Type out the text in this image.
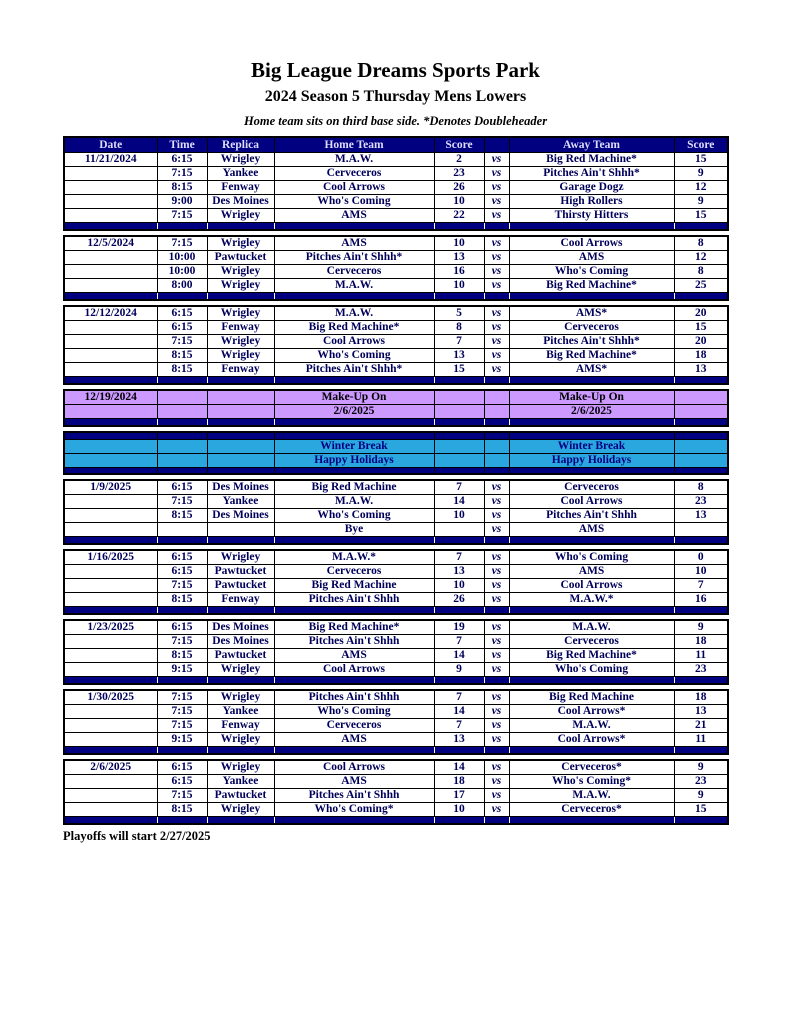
Big League Dreams Sports Park
2024 Season 5 Thursday Mens Lowers
Home team sits on third base side. *Denotes Doubleheader
Date	Time	Replica	Home Team	Score		Away Team	Score
11/21/2024	6:15	Wrigley	M.A.W.	2	vs	Big Red Machine*	15
	7:15	Yankee	Cerveceros	23	vs	Pitches Ain't Shhh*	9
	8:15	Fenway	Cool Arrows	26	vs	Garage Dogz	12
	9:00	Des Moines	Who's Coming	10	vs	High Rollers	9
	7:15	Wrigley	AMS	22	vs	Thirsty Hitters	15

12/5/2024	7:15	Wrigley	AMS	10	vs	Cool Arrows	8
	10:00	Pawtucket	Pitches Ain't Shhh*	13	vs	AMS	12
	10:00	Wrigley	Cerveceros	16	vs	Who's Coming	8
	8:00	Wrigley	M.A.W.	10	vs	Big Red Machine*	25

12/12/2024	6:15	Wrigley	M.A.W.	5	vs	AMS*	20
	6:15	Fenway	Big Red Machine*	8	vs	Cerveceros	15
	7:15	Wrigley	Cool Arrows	7	vs	Pitches Ain't Shhh*	20
	8:15	Wrigley	Who's Coming	13	vs	Big Red Machine*	18
	8:15	Fenway	Pitches Ain't Shhh*	15	vs	AMS*	13

12/19/2024			Make-Up On			Make-Up On	
			2/6/2025			2/6/2025	

			Winter Break			Winter Break	
			Happy Holidays			Happy Holidays	

1/9/2025	6:15	Des Moines	Big Red Machine	7	vs	Cerveceros	8
	7:15	Yankee	M.A.W.	14	vs	Cool Arrows	23
	8:15	Des Moines	Who's Coming	10	vs	Pitches Ain't Shhh	13
			Bye		vs	AMS	

1/16/2025	6:15	Wrigley	M.A.W.*	7	vs	Who's Coming	0
	6:15	Pawtucket	Cerveceros	13	vs	AMS	10
	7:15	Pawtucket	Big Red Machine	10	vs	Cool Arrows	7
	8:15	Fenway	Pitches Ain't Shhh	26	vs	M.A.W.*	16

1/23/2025	6:15	Des Moines	Big Red Machine*	19	vs	M.A.W.	9
	7:15	Des Moines	Pitches Ain't Shhh	7	vs	Cerveceros	18
	8:15	Pawtucket	AMS	14	vs	Big Red Machine*	11
	9:15	Wrigley	Cool Arrows	9	vs	Who's Coming	23

1/30/2025	7:15	Wrigley	Pitches Ain't Shhh	7	vs	Big Red Machine	18
	7:15	Yankee	Who's Coming	14	vs	Cool Arrows*	13
	7:15	Fenway	Cerveceros	7	vs	M.A.W.	21
	9:15	Wrigley	AMS	13	vs	Cool Arrows*	11

2/6/2025	6:15	Wrigley	Cool Arrows	14	vs	Cerveceros*	9
	6:15	Yankee	AMS	18	vs	Who's Coming*	23
	7:15	Pawtucket	Pitches Ain't Shhh	17	vs	M.A.W.	9
	8:15	Wrigley	Who's Coming*	10	vs	Cerveceros*	15

Playoffs will start 2/27/2025
